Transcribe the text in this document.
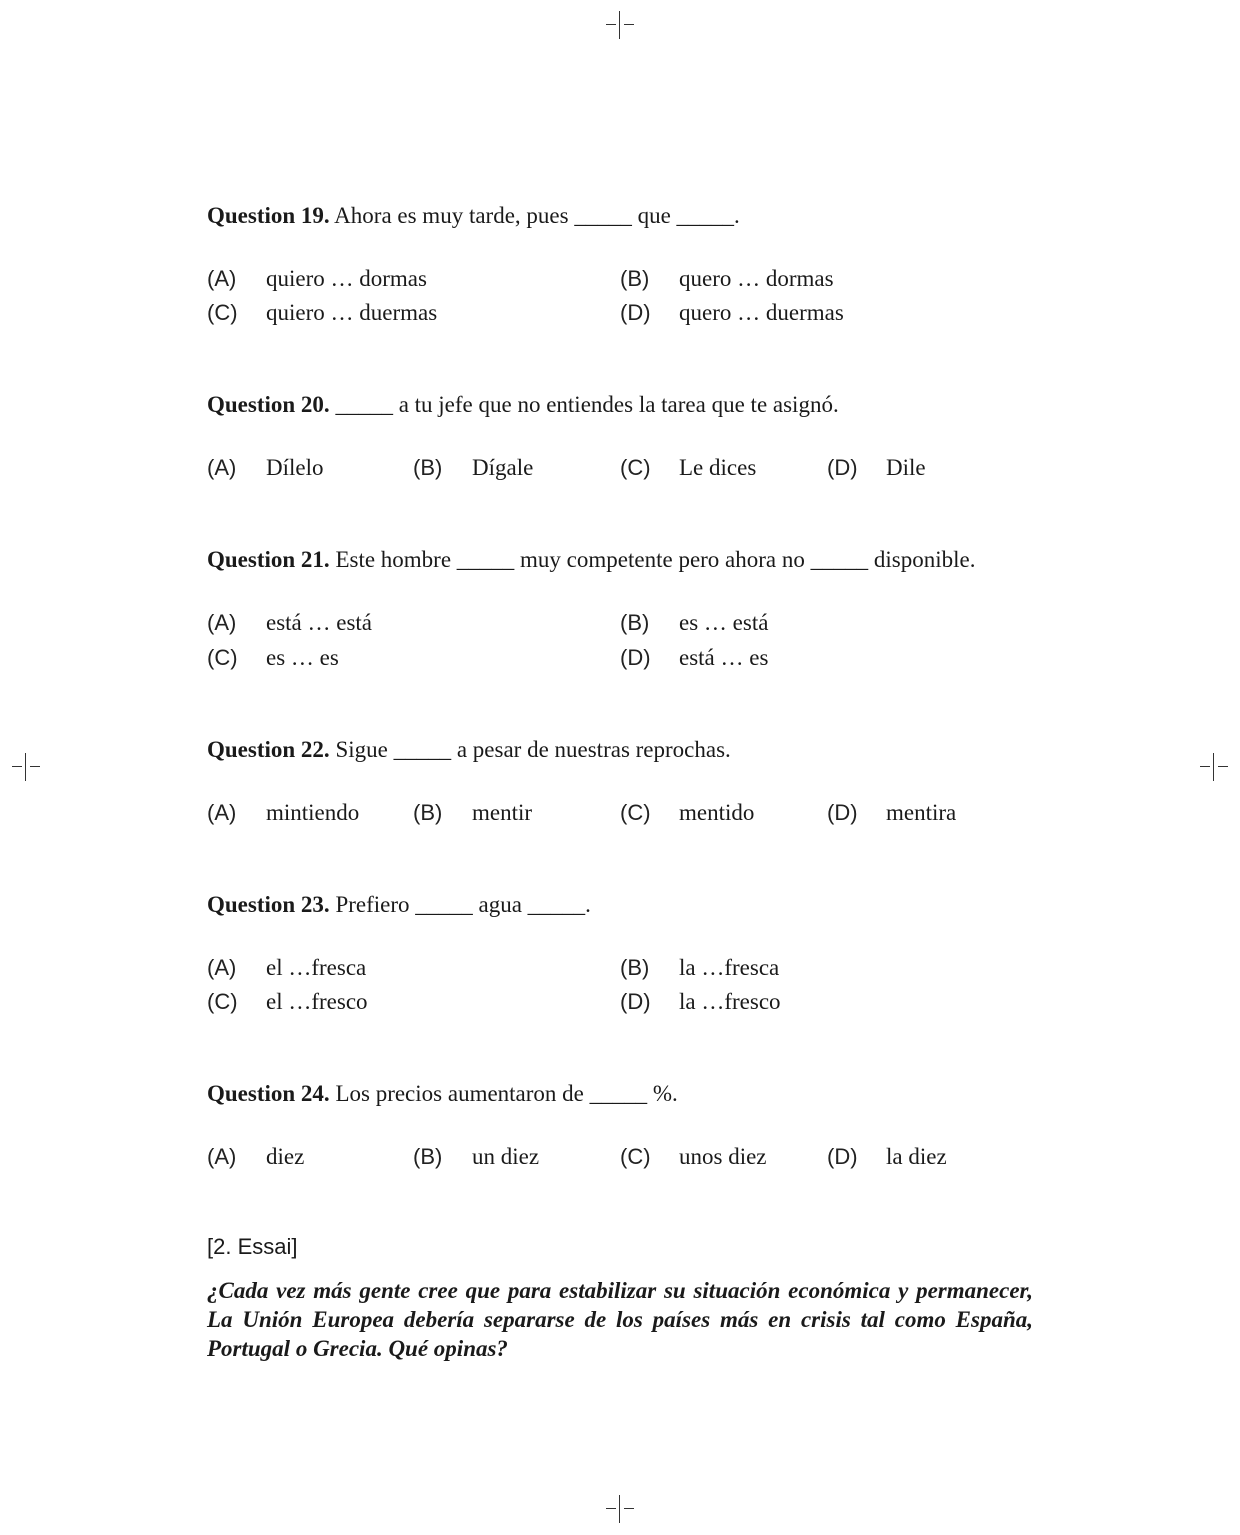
Question 19. Ahora es muy tarde, pues _____ que _____.
(A) quiero … dormas	(B) quero … dormas
(C) quiero … duermas	(D) quero … duermas
Question 20. _____ a tu jefe que no entiendes la tarea que te asignó.
(A) Dílelo	(B) Dígale	(C) Le dices	(D) Dile
Question 21. Este hombre _____ muy competente pero ahora no _____ disponible.
(A) está … está	(B) es … está
(C) es … es	(D) está … es
Question 22. Sigue _____ a pesar de nuestras reprochas.
(A) mintiendo (B) mentir	(C) mentido	(D) mentira
Question 23. Prefiero _____ agua _____.
(A) el …fresca	(B) la …fresca
(C) el …fresco	(D) la …fresco
Question 24. Los precios aumentaron de _____ %.
(A) diez	(B) un diez	(C) unos diez	(D) la diez
[2. Essai]
¿Cada vez más gente cree que para estabilizar su situación económica y permanecer, La Unión Europea debería separarse de los países más en crisis tal como España, Portugal o Grecia. Qué opinas?
